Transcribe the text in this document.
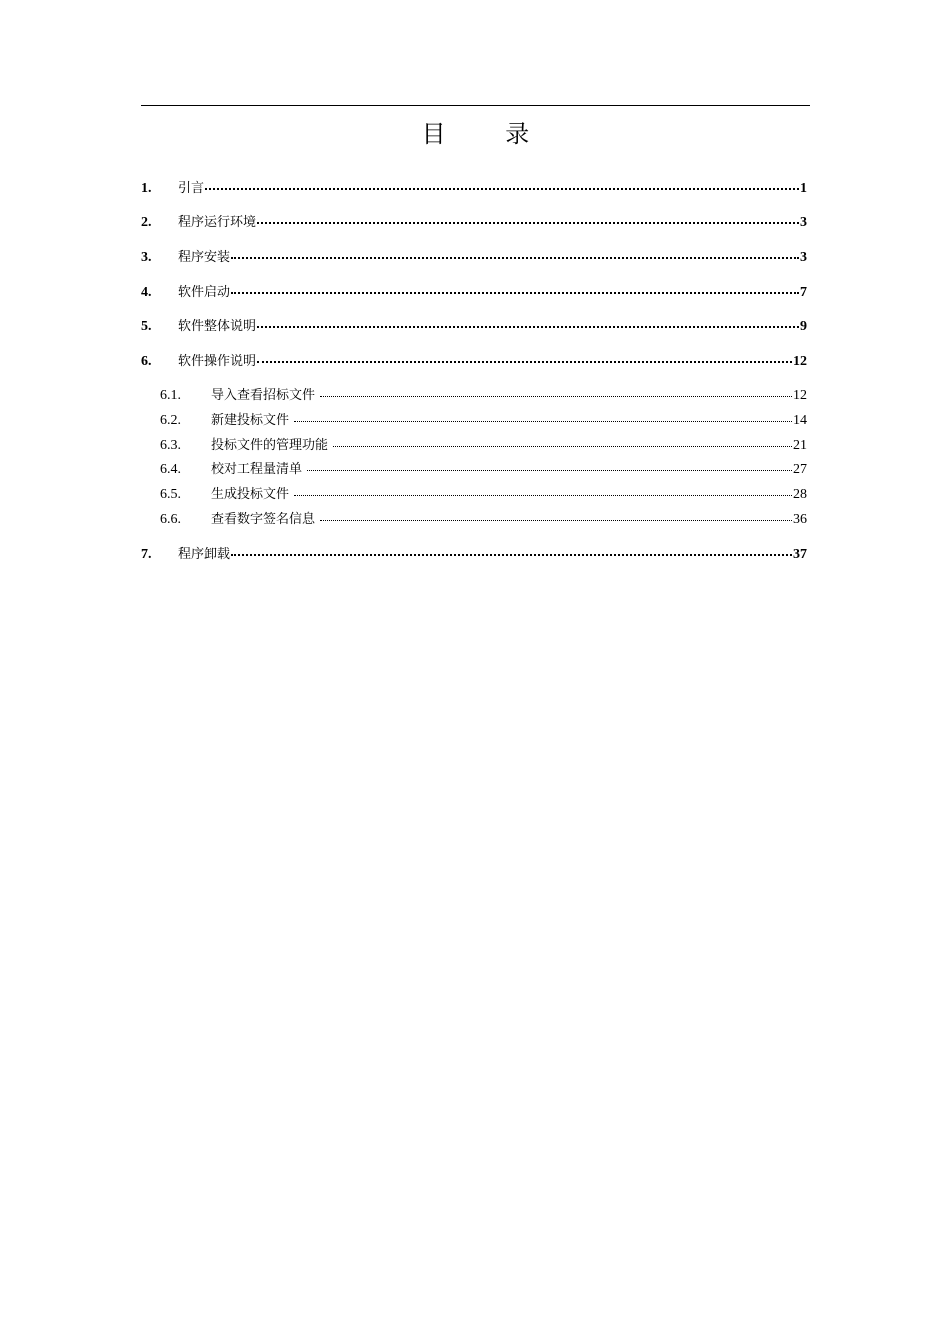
目 录
1.	引言	1
2.	程序运行环境	3
3.	程序安装	3
4.	软件启动	7
5.	软件整体说明	9
6.	软件操作说明	12
6.1.	导入查看招标文件	12
6.2.	新建投标文件	14
6.3.	投标文件的管理功能	21
6.4.	校对工程量清单	27
6.5.	生成投标文件	28
6.6.	查看数字签名信息	36
7.	程序卸载	37
